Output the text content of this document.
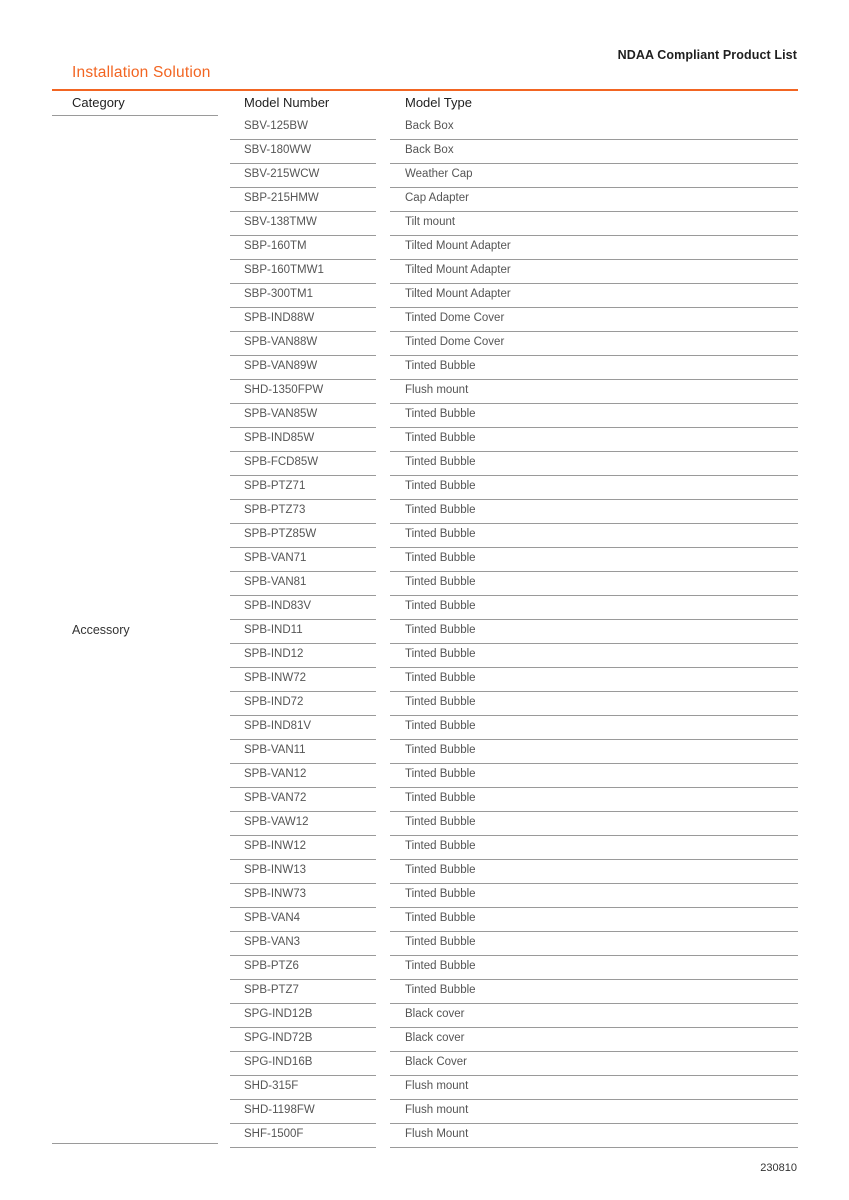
NDAA Compliant Product List
Installation Solution
Category	Model Number	Model Type
Accessory
SBV-125BW	Back Box
SBV-180WW	Back Box
SBV-215WCW	Weather Cap
SBP-215HMW	Cap Adapter
SBV-138TMW	Tilt mount
SBP-160TM	Tilted Mount Adapter
SBP-160TMW1	Tilted Mount Adapter
SBP-300TM1	Tilted Mount Adapter
SPB-IND88W	Tinted Dome Cover
SPB-VAN88W	Tinted Dome Cover
SPB-VAN89W	Tinted Bubble
SHD-1350FPW	Flush mount
SPB-VAN85W	Tinted Bubble
SPB-IND85W	Tinted Bubble
SPB-FCD85W	Tinted Bubble
SPB-PTZ71	Tinted Bubble
SPB-PTZ73	Tinted Bubble
SPB-PTZ85W	Tinted Bubble
SPB-VAN71	Tinted Bubble
SPB-VAN81	Tinted Bubble
SPB-IND83V	Tinted Bubble
SPB-IND11	Tinted Bubble
SPB-IND12	Tinted Bubble
SPB-INW72	Tinted Bubble
SPB-IND72	Tinted Bubble
SPB-IND81V	Tinted Bubble
SPB-VAN11	Tinted Bubble
SPB-VAN12	Tinted Bubble
SPB-VAN72	Tinted Bubble
SPB-VAW12	Tinted Bubble
SPB-INW12	Tinted Bubble
SPB-INW13	Tinted Bubble
SPB-INW73	Tinted Bubble
SPB-VAN4	Tinted Bubble
SPB-VAN3	Tinted Bubble
SPB-PTZ6	Tinted Bubble
SPB-PTZ7	Tinted Bubble
SPG-IND12B	Black cover
SPG-IND72B	Black cover
SPG-IND16B	Black Cover
SHD-315F	Flush mount
SHD-1198FW	Flush mount
SHF-1500F	Flush Mount
230810
